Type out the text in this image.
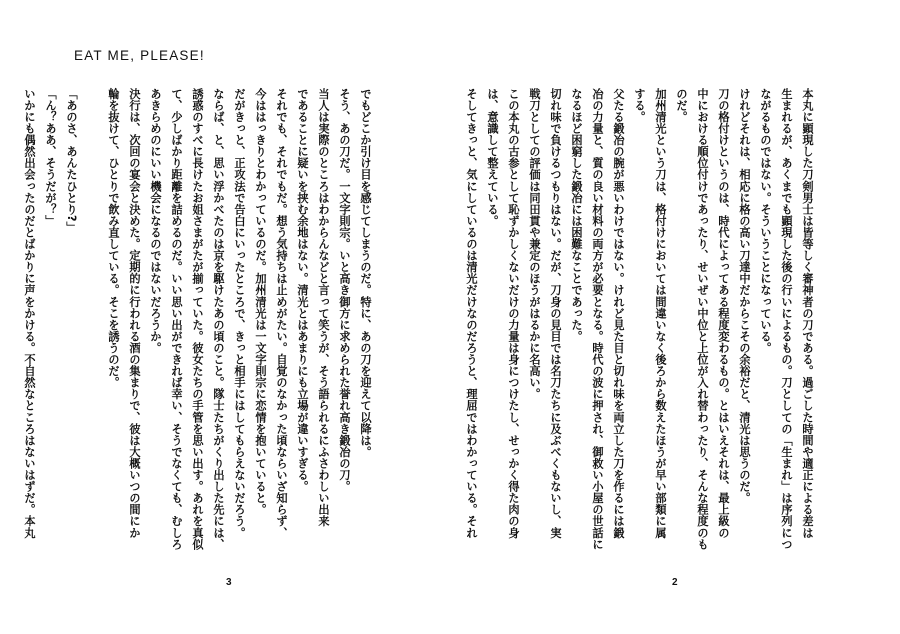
EAT ME, PLEASE!
でもどこか引け目を感じてしまうのだ。特に、あの刀を迎えて以降は。
そう、あの刀だ。一文字則宗。いと高き御方に求められた誉れ高き鍛冶の刀。
当人は実際のところはわからんなどと言って笑うが、そう語られるにふさわしい出来
であることに疑いを挟む余地はない。清光とはあまりにも立場が違いすぎる。
それでも、それでもだ。想う気持ちは止めがたい。自覚のなかった頃ならいざ知らず、
今ははっきりとわかっているのだ。加州清光は一文字則宗に恋情を抱いていると。
だがきっと、正攻法で告白にいったところで、きっと相手にはしてもらえないだろう。
ならば、と、思い浮かべたのは京を駆けたあの頃のこと。隊士たちがくり出した先には、
誘惑のすべに長けたお姐さまがたが揃っていた。彼女たちの手管を思い出す。あれを真似
て、少しばかり距離を詰めるのだ。いい思い出ができれば幸い、そうでなくても、むしろ
あきらめのにいい機会になるのではないだろうか。
決行は、次回の宴会と決めた。定期的に行われる酒の集まりで、彼は大概いつの間にか
輪を抜けて、ひとりで飲み直している。そこを誘うのだ。
「あのさ、あんたひとり?」
「ん？ああ、そうだが？」
いかにも偶然出会ったのだとばかりに声をかける。不自然なところはないはずだ。本丸
3
本丸に顕現した刀剣男士は皆等しく審神者の刀である。過ごした時間や適正による差は
生まれるが、あくまでも顕現した後の行いによるもの。刀としての「生まれ」は序列につ
ながるものではない。そういうことになっている。
けれどそれは、相応に格の高い刀達中だからこその余裕だと、清光は思うのだ。
刀の格付けというのは、時代によってある程度変わるもの。とはいえそれは、最上級の
中における順位付けであったり、せいぜい中位と上位が入れ替わったり、そんな程度のも
のだ。
加州清光という刀は、格付けにおいては間違いなく後ろから数えたほうが早い部類に属
する。
父たる鍛冶の腕が悪いわけではない。けれど見た目と切れ味を両立した刀を作るには鍛
冶の力量と、質の良い材料の両方が必要となる。時代の波に押され、御救い小屋の世話に
なるほど困窮した鍛冶には困難なことであった。
切れ味で負けるつもりはない。だが、刀身の見目では名刀たちに及ぶべくもないし、実
戦刀としての評価は同田貫や兼定のほうがはるかに名高い。
この本丸の古参として恥ずかしくないだけの力量は身につけたし、せっかく得た肉の身
は、意識して整えている。
そしてきっと、気にしているのは清光だけなのだろうと、理屈ではわかっている。それ
2
